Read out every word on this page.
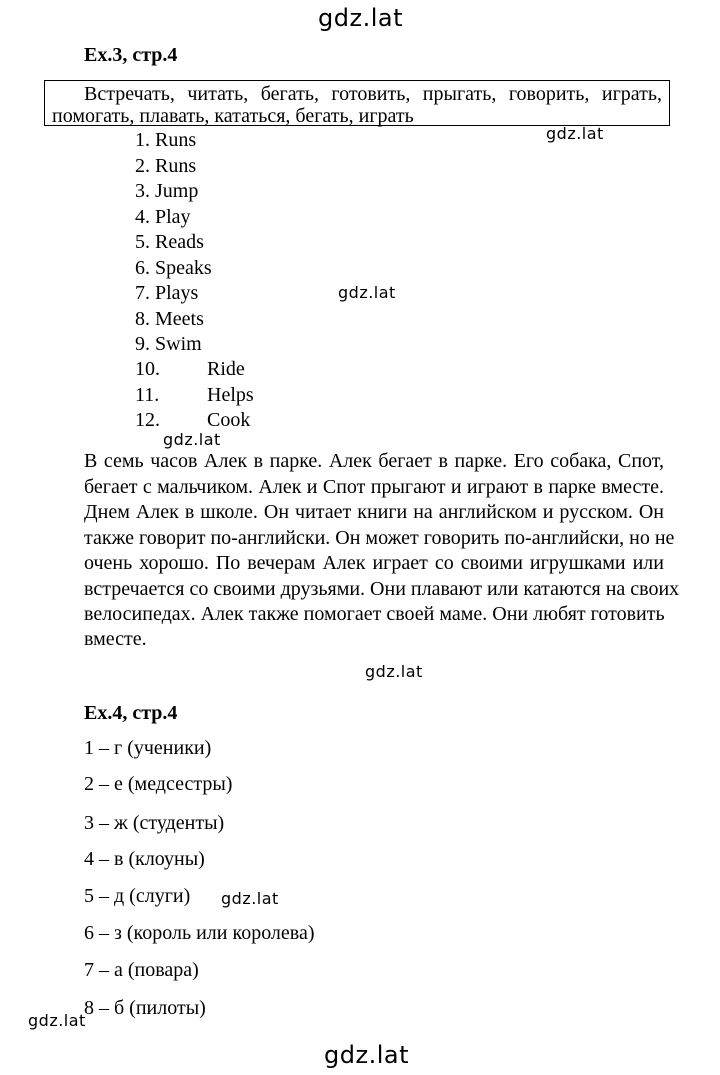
gdz.lat
gdz.lat
gdz.lat
gdz.lat
gdz.lat
gdz.lat
gdz.lat
gdz.lat
Ex.3, стр.4
Встречать, читать, бегать, готовить, прыгать, говорить, играть,
помогать, плавать, кататься, бегать, играть
1. Runs
2. Runs
3. Jump
4. Play
5. Reads
6. Speaks
7. Plays
8. Meets
9. Swim
10. Ride
11. Helps
12. Cook
В семь часов Алек в парке. Алек бегает в парке. Его собака, Спот,
бегает с мальчиком. Алек и Спот прыгают и играют в парке вместе.
Днем Алек в школе. Он читает книги на английском и русском. Он
также говорит по-английски. Он может говорить по-английски, но не
очень хорошо. По вечерам Алек играет со своими игрушками или
встречается со своими друзьями. Они плавают или катаются на своих
велосипедах. Алек также помогает своей маме. Они любят готовить
вместе.
Ex.4, стр.4
1 – г (ученики)
2 – е (медсестры)
3 – ж (студенты)
4 – в (клоуны)
5 – д (слуги)
6 – з (король или королева)
7 – а (повара)
8 – б (пилоты)
